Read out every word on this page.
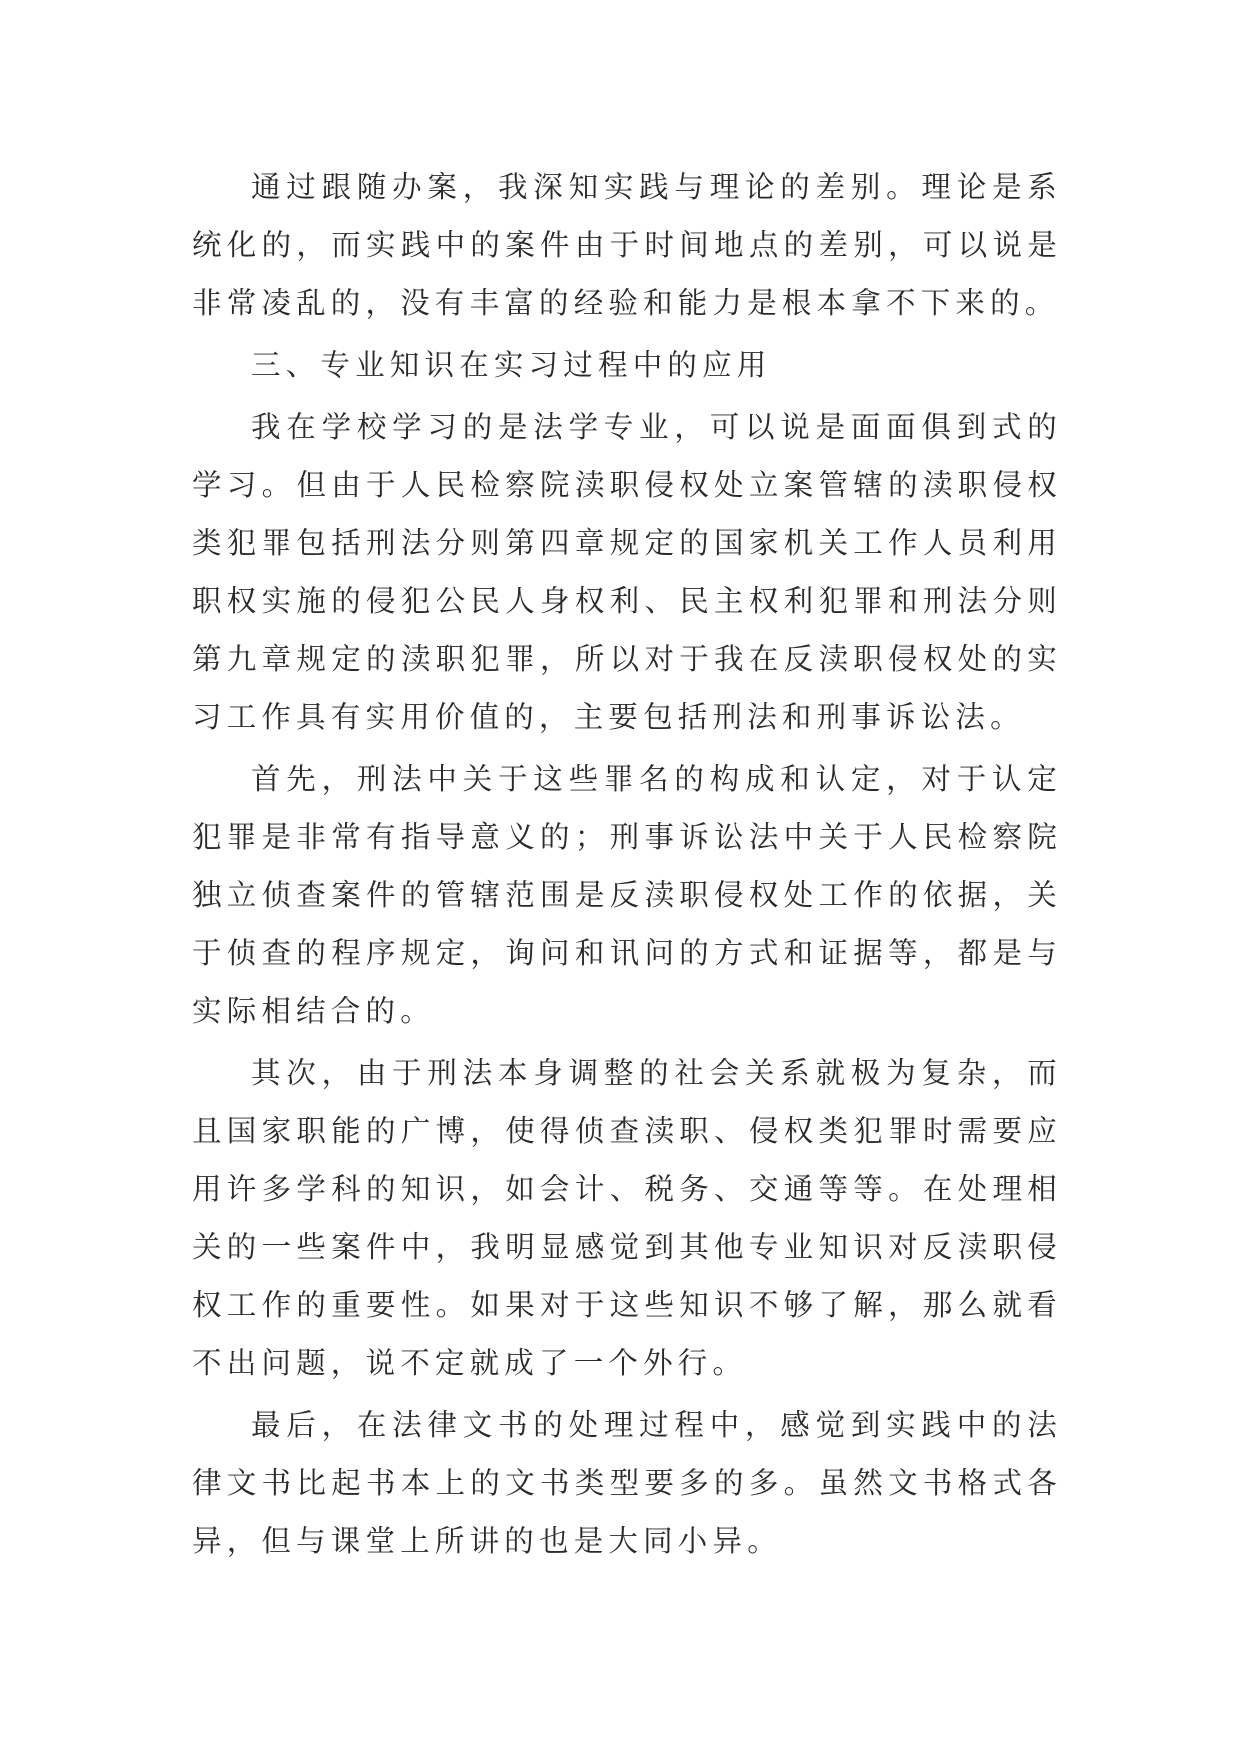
通过跟随办案，我深知实践与理论的差别。理论是系统化的，而实践中的案件由于时间地点的差别，可以说是非常凌乱的，没有丰富的经验和能力是根本拿不下来的。

三、专业知识在实习过程中的应用

我在学校学习的是法学专业，可以说是面面俱到式的学习。但由于人民检察院渎职侵权处立案管辖的渎职侵权类犯罪包括刑法分则第四章规定的国家机关工作人员利用职权实施的侵犯公民人身权利、民主权利犯罪和刑法分则第九章规定的渎职犯罪，所以对于我在反渎职侵权处的实习工作具有实用价值的，主要包括刑法和刑事诉讼法。

首先，刑法中关于这些罪名的构成和认定，对于认定犯罪是非常有指导意义的；刑事诉讼法中关于人民检察院独立侦查案件的管辖范围是反渎职侵权处工作的依据，关于侦查的程序规定，询问和讯问的方式和证据等，都是与实际相结合的。

其次，由于刑法本身调整的社会关系就极为复杂，而且国家职能的广博，使得侦查渎职、侵权类犯罪时需要应用许多学科的知识，如会计、税务、交通等等。在处理相关的一些案件中，我明显感觉到其他专业知识对反渎职侵权工作的重要性。如果对于这些知识不够了解，那么就看不出问题，说不定就成了一个外行。

最后，在法律文书的处理过程中，感觉到实践中的法律文书比起书本上的文书类型要多的多。虽然文书格式各异，但与课堂上所讲的也是大同小异。
